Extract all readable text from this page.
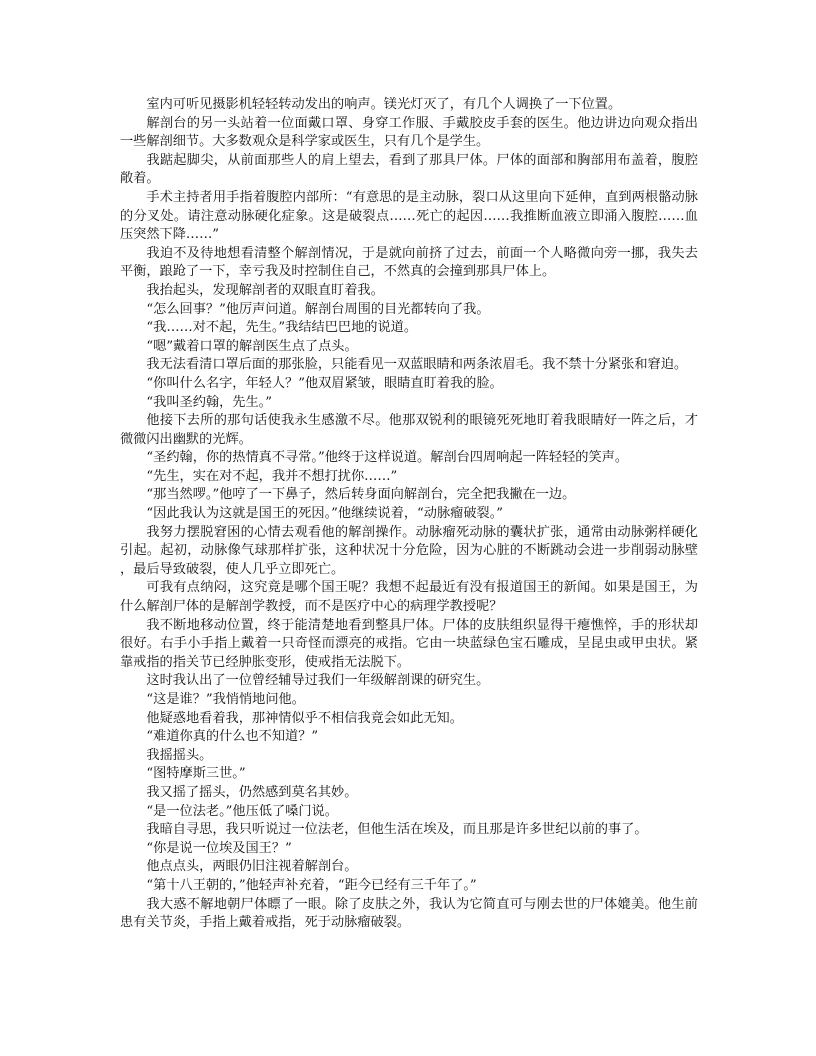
室内可听见摄影机轻轻转动发出的响声。镁光灯灭了，有几个人调换了一下位置。

解剖台的另一头站着一位面戴口罩、身穿工作服、手戴胶皮手套的医生。他边讲边向观众指出一些解剖细节。大多数观众是科学家或医生，只有几个是学生。

我踮起脚尖，从前面那些人的肩上望去，看到了那具尸体。尸体的面部和胸部用布盖着，腹腔敞着。

手术主持者用手指着腹腔内部所：“有意思的是主动脉，裂口从这里向下延伸，直到两根骼动脉的分叉处。请注意动脉硬化症象。这是破裂点……死亡的起因……我推断血液立即涌入腹腔……血压突然下降……”

我迫不及待地想看清整个解剖情况，于是就向前挤了过去，前面一个人略微向旁一挪，我失去平衡，踉跄了一下，幸亏我及时控制住自己，不然真的会撞到那具尸体上。

我抬起头，发现解剖者的双眼直盯着我。

“怎么回事？”他厉声问道。解剖台周围的目光都转向了我。

“我……对不起，先生。”我结结巴巴地的说道。

“嗯”戴着口罩的解剖医生点了点头。

我无法看清口罩后面的那张脸，只能看见一双蓝眼睛和两条浓眉毛。我不禁十分紧张和窘迫。

“你叫什么名字，年轻人？”他双眉紧皱，眼睛直盯着我的脸。

“我叫圣约翰，先生。”

他接下去所的那句话使我永生感激不尽。他那双锐利的眼镜死死地盯着我眼睛好一阵之后，才微微闪出幽默的光辉。

“圣约翰，你的热情真不寻常。”他终于这样说道。解剖台四周响起一阵轻轻的笑声。

“先生，实在对不起，我并不想打扰你……”

“那当然啰。”他哼了一下鼻子，然后转身面向解剖台，完全把我撇在一边。

“因此我认为这就是国王的死因。”他继续说着，“动脉瘤破裂。”

我努力摆脱窘困的心情去观看他的解剖操作。动脉瘤死动脉的囊状扩张，通常由动脉粥样硬化引起。起初，动脉像气球那样扩张，这种状况十分危险，因为心脏的不断跳动会进一步削弱动脉壁，最后导致破裂，使人几乎立即死亡。

可我有点纳闷，这究竟是哪个国王呢？我想不起最近有没有报道国王的新闻。如果是国王，为什么解剖尸体的是解剖学教授，而不是医疗中心的病理学教授呢？

我不断地移动位置，终于能清楚地看到整具尸体。尸体的皮肤组织显得干瘪憔悴，手的形状却很好。右手小手指上戴着一只奇怪而漂亮的戒指。它由一块蓝绿色宝石雕成，呈昆虫或甲虫状。紧靠戒指的指关节已经肿胀变形，使戒指无法脱下。

这时我认出了一位曾经辅导过我们一年级解剖课的研究生。

“这是谁？”我悄悄地问他。

他疑惑地看着我，那神情似乎不相信我竟会如此无知。

“难道你真的什么也不知道？”

我摇摇头。

“图特摩斯三世。”

我又摇了摇头，仍然感到莫名其妙。

“是一位法老。”他压低了嗓门说。

我暗自寻思，我只听说过一位法老，但他生活在埃及，而且那是许多世纪以前的事了。

“你是说一位埃及国王？”

他点点头，两眼仍旧注视着解剖台。

“第十八王朝的，”他轻声补充着，“距今已经有三千年了。”

我大惑不解地朝尸体瞟了一眼。除了皮肤之外，我认为它简直可与刚去世的尸体媲美。他生前患有关节炎，手指上戴着戒指，死于动脉瘤破裂。
